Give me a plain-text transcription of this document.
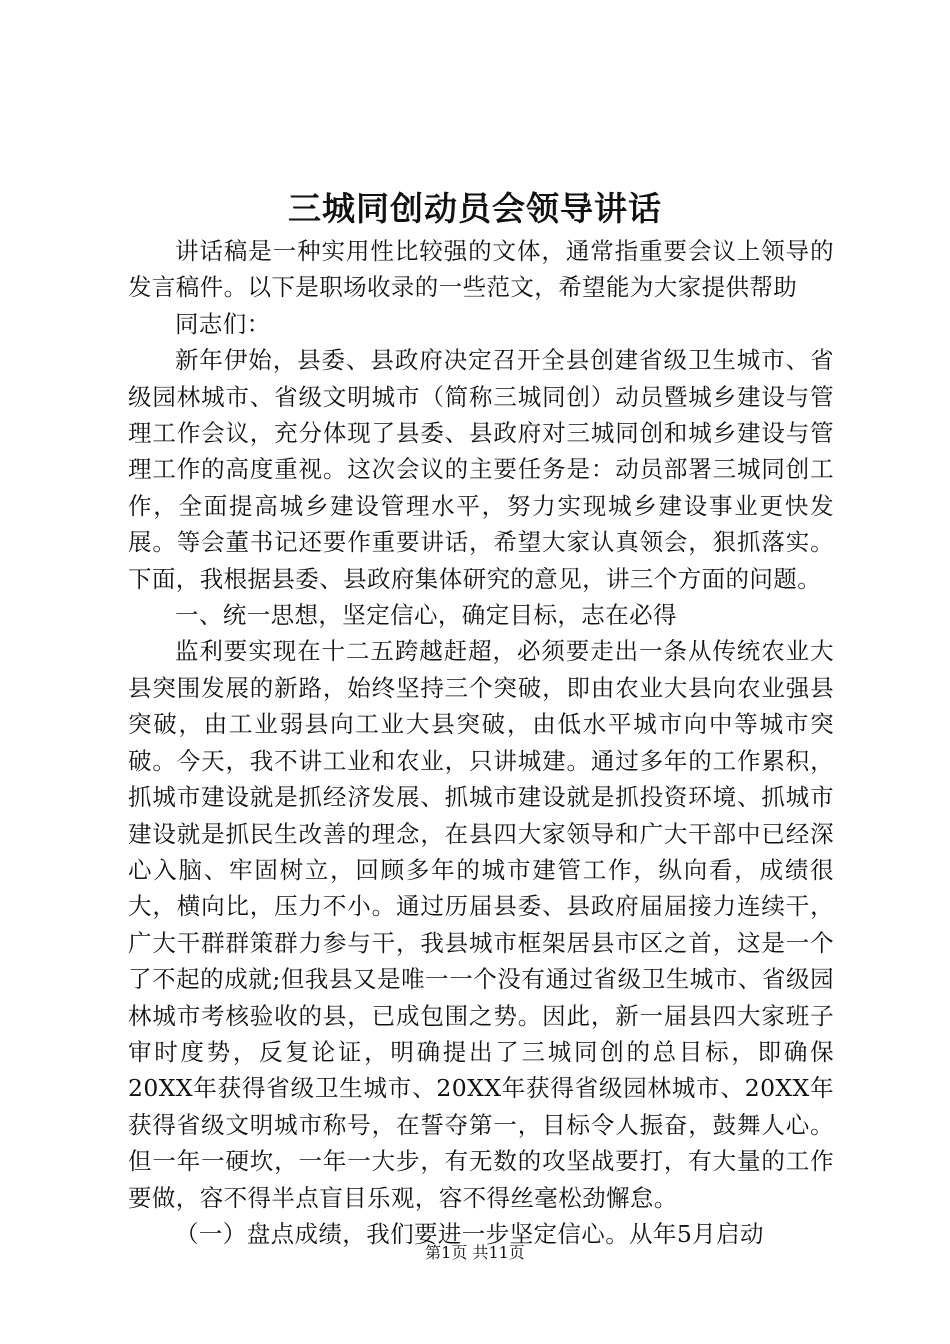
三城同创动员会领导讲话

讲话稿是一种实用性比较强的文体，通常指重要会议上领导的发言稿件。以下是职场收录的一些范文，希望能为大家提供帮助

同志们：

新年伊始，县委、县政府决定召开全县创建省级卫生城市、省级园林城市、省级文明城市（简称三城同创）动员暨城乡建设与管理工作会议，充分体现了县委、县政府对三城同创和城乡建设与管理工作的高度重视。这次会议的主要任务是：动员部署三城同创工作，全面提高城乡建设管理水平，努力实现城乡建设事业更快发展。等会董书记还要作重要讲话，希望大家认真领会，狠抓落实。下面，我根据县委、县政府集体研究的意见，讲三个方面的问题。

一、统一思想，坚定信心，确定目标，志在必得

监利要实现在十二五跨越赶超，必须要走出一条从传统农业大县突围发展的新路，始终坚持三个突破，即由农业大县向农业强县突破，由工业弱县向工业大县突破，由低水平城市向中等城市突破。今天，我不讲工业和农业，只讲城建。通过多年的工作累积，抓城市建设就是抓经济发展、抓城市建设就是抓投资环境、抓城市建设就是抓民生改善的理念，在县四大家领导和广大干部中已经深心入脑、牢固树立，回顾多年的城市建管工作，纵向看，成绩很大，横向比，压力不小。通过历届县委、县政府届届接力连续干，广大干群群策群力参与干，我县城市框架居县市区之首，这是一个了不起的成就;但我县又是唯一一个没有通过省级卫生城市、省级园林城市考核验收的县，已成包围之势。因此，新一届县四大家班子审时度势，反复论证，明确提出了三城同创的总目标，即确保20XX年获得省级卫生城市、20XX年获得省级园林城市、20XX年获得省级文明城市称号，在誓夺第一，目标令人振奋，鼓舞人心。但一年一硬坎，一年一大步，有无数的攻坚战要打，有大量的工作要做，容不得半点盲目乐观，容不得丝毫松劲懈怠。

（一）盘点成绩，我们要进一步坚定信心。从年5月启动

第1页 共11页
